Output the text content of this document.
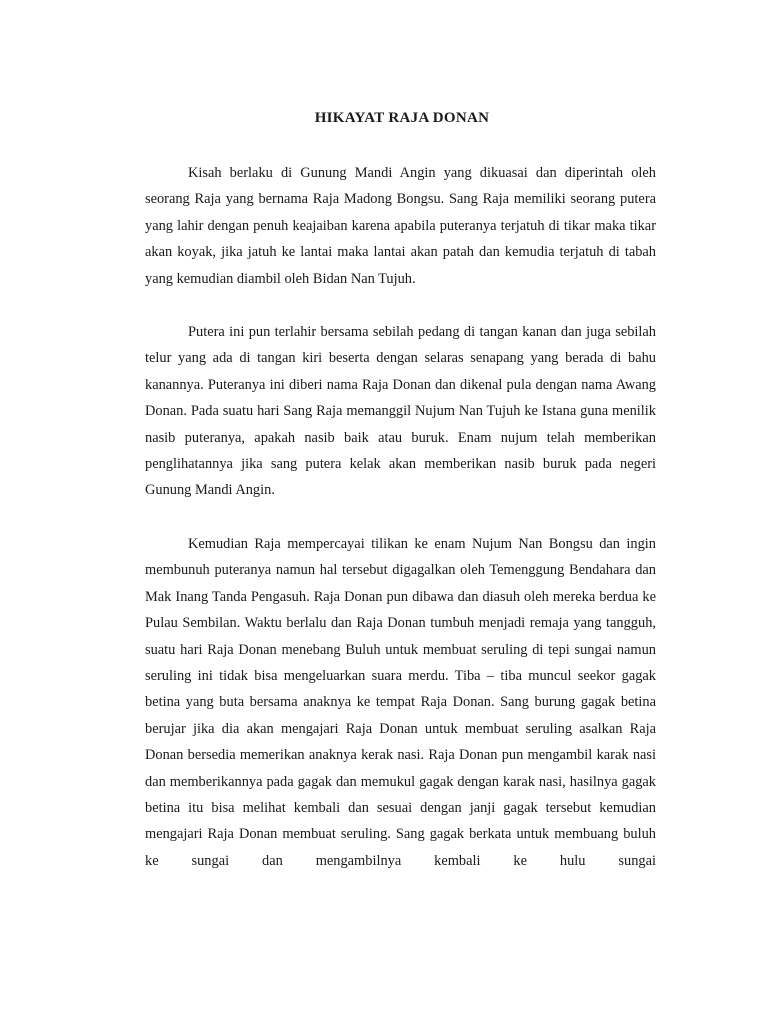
HIKAYAT RAJA DONAN

Kisah berlaku di Gunung Mandi Angin yang dikuasai dan diperintah oleh seorang Raja yang bernama Raja Madong Bongsu. Sang Raja memiliki seorang putera yang lahir dengan penuh keajaiban karena apabila puteranya terjatuh di tikar maka tikar akan koyak, jika jatuh ke lantai maka lantai akan patah dan kemudia terjatuh di tabah yang kemudian diambil oleh Bidan Nan Tujuh.

Putera ini pun terlahir bersama sebilah pedang di tangan kanan dan juga sebilah telur yang ada di tangan kiri beserta dengan selaras senapang yang berada di bahu kanannya. Puteranya ini diberi nama Raja Donan dan dikenal pula dengan nama Awang Donan. Pada suatu hari Sang Raja memanggil Nujum Nan Tujuh ke Istana guna menilik nasib puteranya, apakah nasib baik atau buruk. Enam nujum telah memberikan penglihatannya jika sang putera kelak akan memberikan nasib buruk pada negeri Gunung Mandi Angin.

Kemudian Raja mempercayai tilikan ke enam Nujum Nan Bongsu dan ingin membunuh puteranya namun hal tersebut digagalkan oleh Temenggung Bendahara dan Mak Inang Tanda Pengasuh. Raja Donan pun dibawa dan diasuh oleh mereka berdua ke Pulau Sembilan. Waktu berlalu dan Raja Donan tumbuh menjadi remaja yang tangguh, suatu hari Raja Donan menebang Buluh untuk membuat seruling di tepi sungai namun seruling ini tidak bisa mengeluarkan suara merdu. Tiba – tiba muncul seekor gagak betina yang buta bersama anaknya ke tempat Raja Donan. Sang burung gagak betina berujar jika dia akan mengajari Raja Donan untuk membuat seruling asalkan Raja Donan bersedia memerikan anaknya kerak nasi. Raja Donan pun mengambil karak nasi dan memberikannya pada gagak dan memukul gagak dengan karak nasi, hasilnya gagak betina itu bisa melihat kembali dan sesuai dengan janji gagak tersebut kemudian mengajari Raja Donan membuat seruling. Sang gagak berkata untuk membuang buluh ke sungai dan mengambilnya kembali ke hulu sungai
